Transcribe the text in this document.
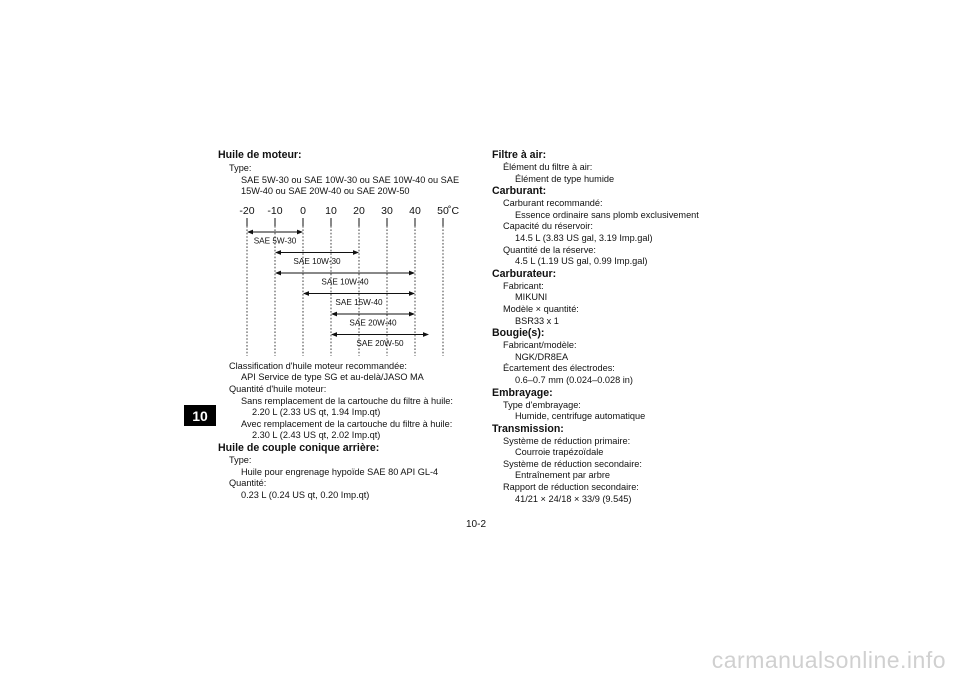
10
Huile de moteur:
Type:
SAE 5W-30 ou SAE 10W-30 ou SAE 10W-40 ou SAE
15W-40 ou SAE 20W-40 ou SAE 20W-50
-20 -10 0 10 20 30 40 50 ˚C
SAE 5W-30
SAE 10W-30
SAE 10W-40
SAE 15W-40
SAE 20W-40
SAE 20W-50
Classification d'huile moteur recommandée:
API Service de type SG et au-delà/JASO MA
Quantité d'huile moteur:
Sans remplacement de la cartouche du filtre à huile:
2.20 L (2.33 US qt, 1.94 Imp.qt)
Avec remplacement de la cartouche du filtre à huile:
2.30 L (2.43 US qt, 2.02 Imp.qt)
Huile de couple conique arrière:
Type:
Huile pour engrenage hypoïde SAE 80 API GL-4
Quantité:
0.23 L (0.24 US qt, 0.20 Imp.qt)
Filtre à air:
Élément du filtre à air:
Élément de type humide
Carburant:
Carburant recommandé:
Essence ordinaire sans plomb exclusivement
Capacité du réservoir:
14.5 L (3.83 US gal, 3.19 Imp.gal)
Quantité de la réserve:
4.5 L (1.19 US gal, 0.99 Imp.gal)
Carburateur:
Fabricant:
MIKUNI
Modèle × quantité:
BSR33 x 1
Bougie(s):
Fabricant/modèle:
NGK/DR8EA
Écartement des électrodes:
0.6–0.7 mm (0.024–0.028 in)
Embrayage:
Type d'embrayage:
Humide, centrifuge automatique
Transmission:
Système de réduction primaire:
Courroie trapézoïdale
Système de réduction secondaire:
Entraînement par arbre
Rapport de réduction secondaire:
41/21 × 24/18 × 33/9 (9.545)
10-2
carmanualsonline.info
